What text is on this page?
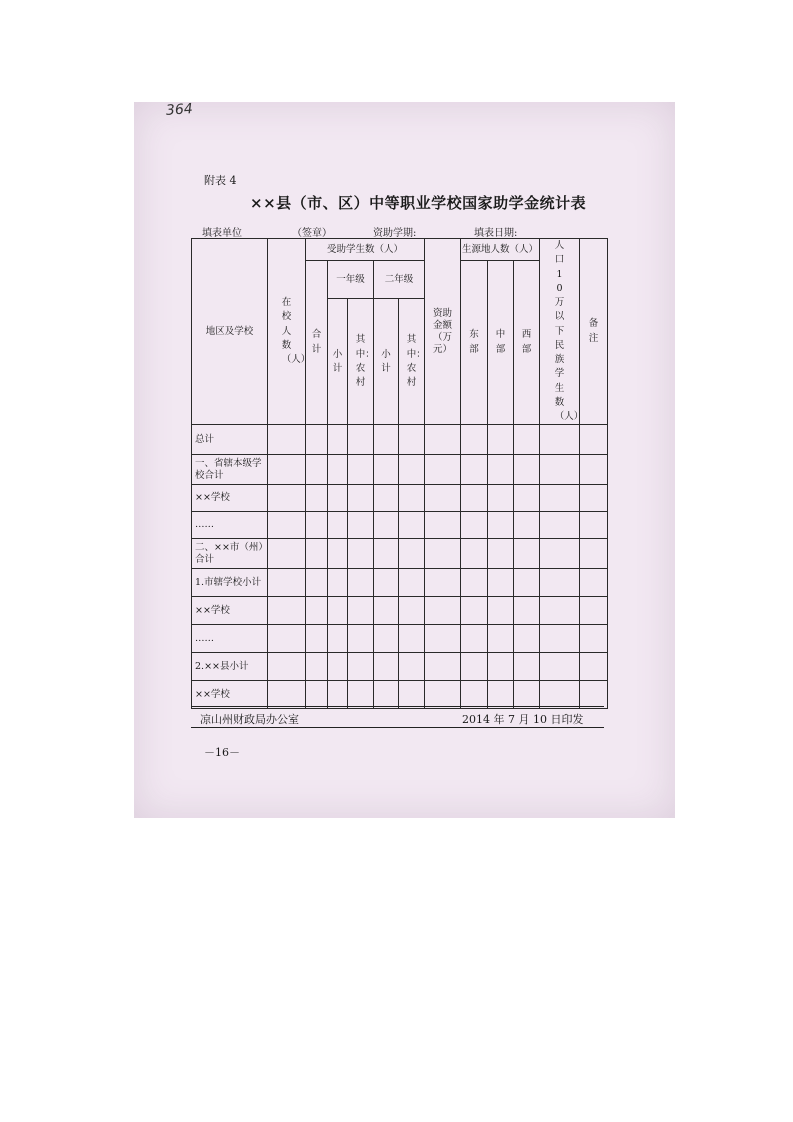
364
附表 4
××县（市、区）中等职业学校国家助学金统计表
填表单位	（签章）	资助学期:	填表日期:
地区及学校	在校人数（人）	受助学生数（人）					资助金额（万元）	生源地人数（人）			人口10万以下民族学生数（人）	备注
		合计	一年级		二年级			东部	中部	西部		
			小计	其中：农村	小计	其中：农村						
总计												
一、省辖本级学校合计												
××学校												
……												
二、××市（州）合计												
1.市辖学校小计												
××学校												
……												
2.××县小计												
××学校												
凉山州财政局办公室	2014 年 7 月 10 日印发
－16－
